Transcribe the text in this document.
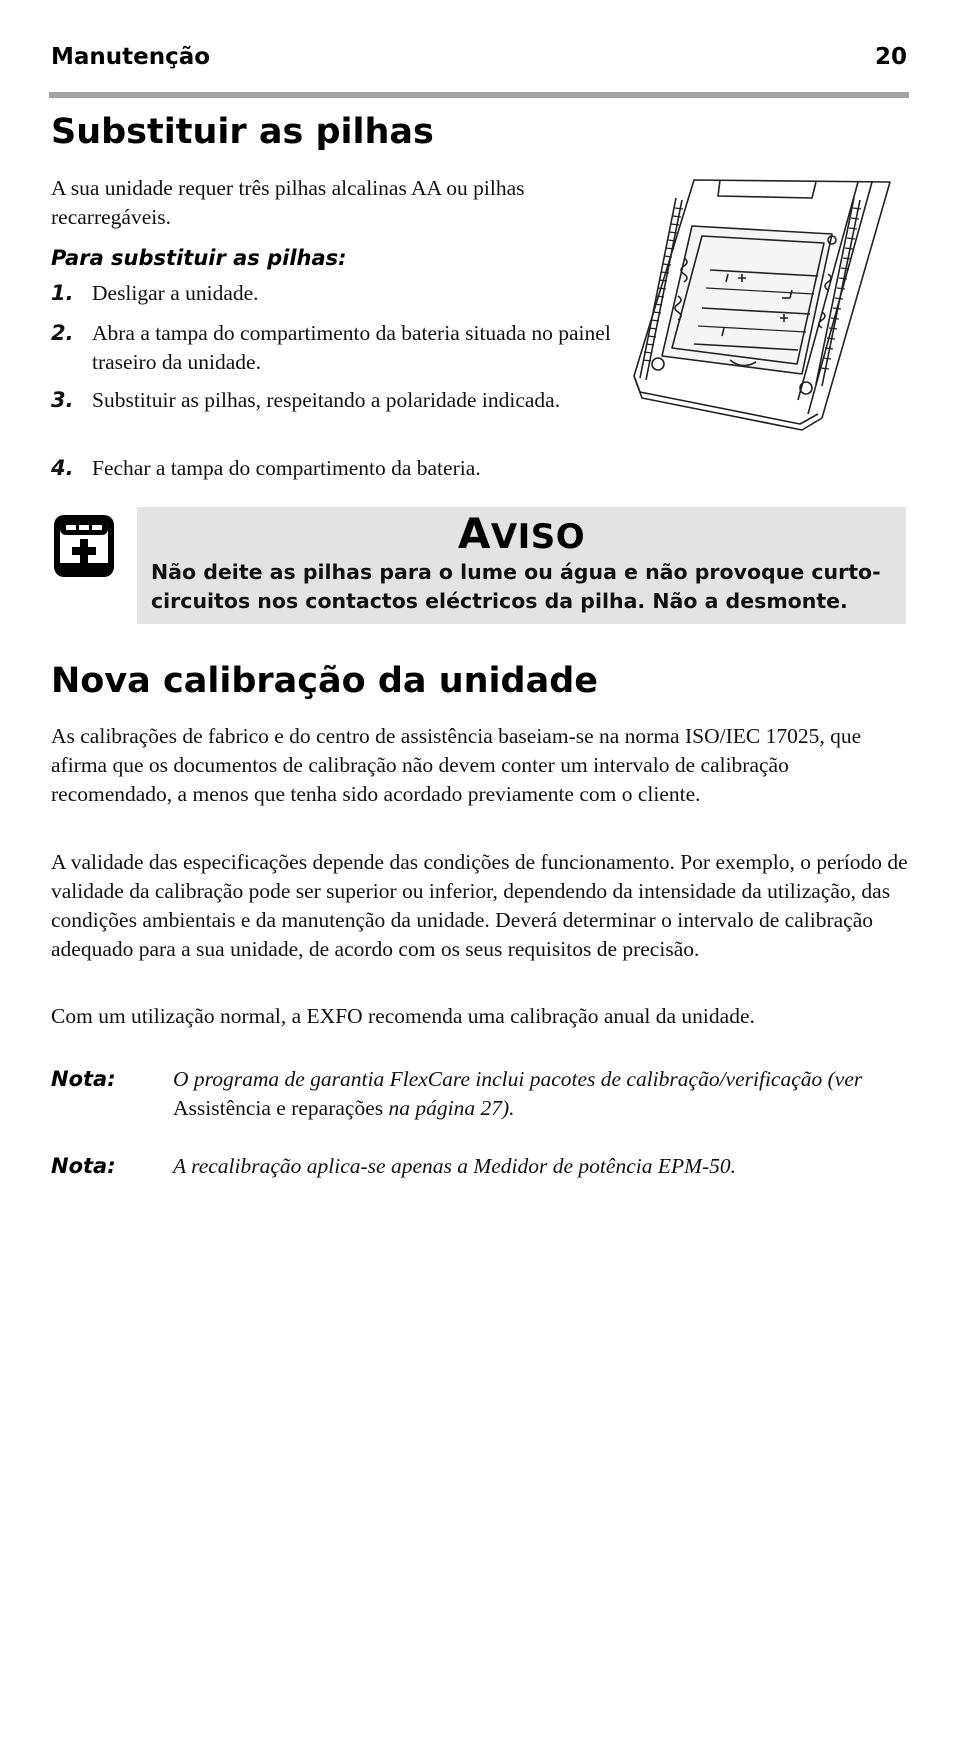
Manutenção	20
Substituir as pilhas

A sua unidade requer três pilhas alcalinas AA ou pilhas recarregáveis.

Para substituir as pilhas:
1. Desligar a unidade.
2. Abra a tampa do compartimento da bateria situada no painel traseiro da unidade.
3. Substituir as pilhas, respeitando a polaridade indicada.
4. Fechar a tampa do compartimento da bateria.
AVISO
Não deite as pilhas para o lume ou água e não provoque curto-circuitos nos contactos eléctricos da pilha. Não a desmonte.
Nova calibração da unidade

As calibrações de fabrico e do centro de assistência baseiam-se na norma ISO/IEC 17025, que afirma que os documentos de calibração não devem conter um intervalo de calibração recomendado, a menos que tenha sido acordado previamente com o cliente.

A validade das especificações depende das condições de funcionamento. Por exemplo, o período de validade da calibração pode ser superior ou inferior, dependendo da intensidade da utilização, das condições ambientais e da manutenção da unidade. Deverá determinar o intervalo de calibração adequado para a sua unidade, de acordo com os seus requisitos de precisão.

Com um utilização normal, a EXFO recomenda uma calibração anual da unidade.

Nota:	O programa de garantia FlexCare inclui pacotes de calibração/verificação (ver Assistência e reparações na página 27).
Nota:	A recalibração aplica-se apenas a Medidor de potência EPM-50.
